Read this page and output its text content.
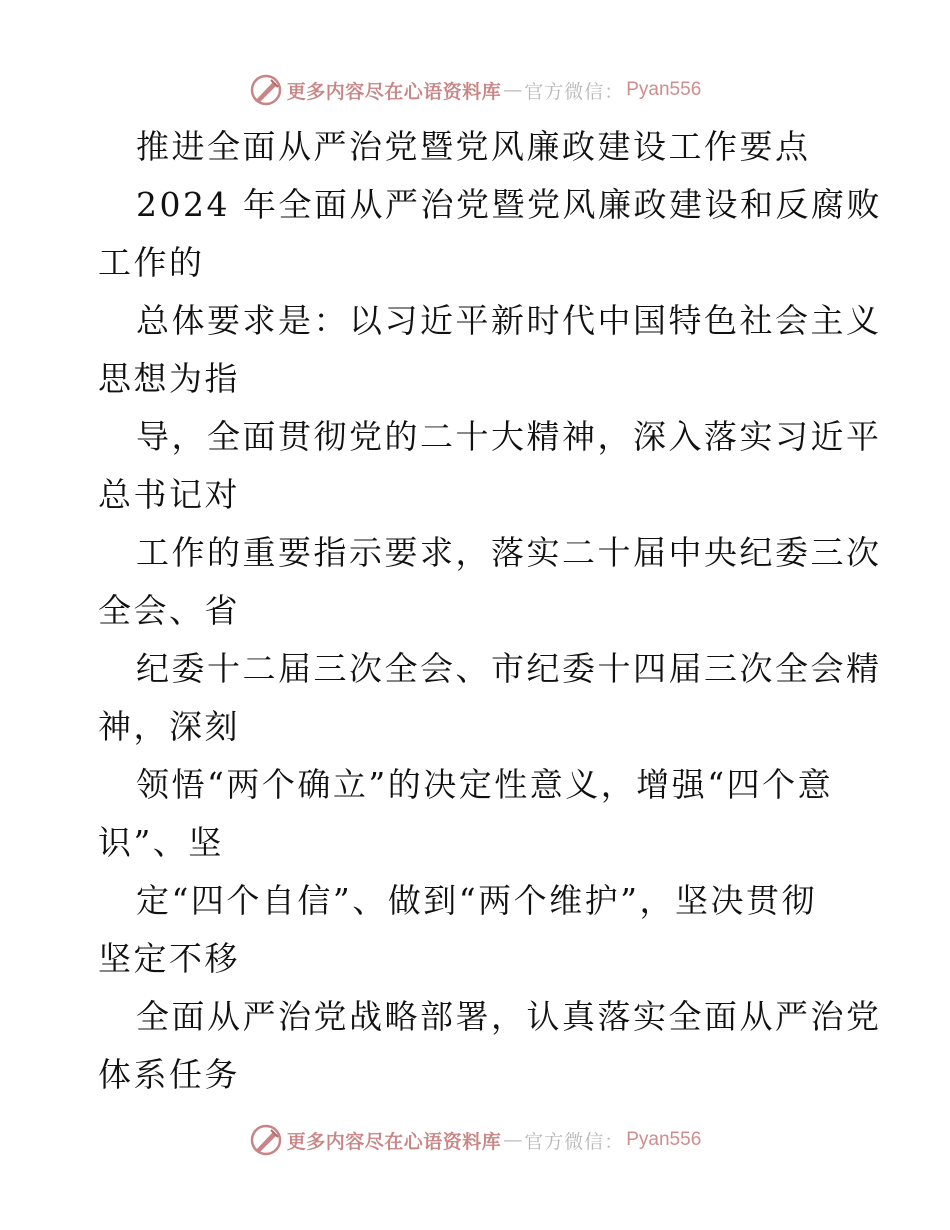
更多内容尽在心语资料库 — 官方微信： Pyan556
推进全面从严治党暨党风廉政建设工作要点
2024 年全面从严治党暨党风廉政建设和反腐败
工作的
总体要求是：以习近平新时代中国特色社会主义
思想为指
导，全面贯彻党的二十大精神，深入落实习近平
总书记对
工作的重要指示要求，落实二十届中央纪委三次
全会、省
纪委十二届三次全会、市纪委十四届三次全会精
神，深刻
领悟“两个确立”的决定性意义，增强“四个意
识”、坚
定“四个自信”、做到“两个维护”，坚决贯彻
坚定不移
全面从严治党战略部署，认真落实全面从严治党
体系任务
更多内容尽在心语资料库 — 官方微信： Pyan556
